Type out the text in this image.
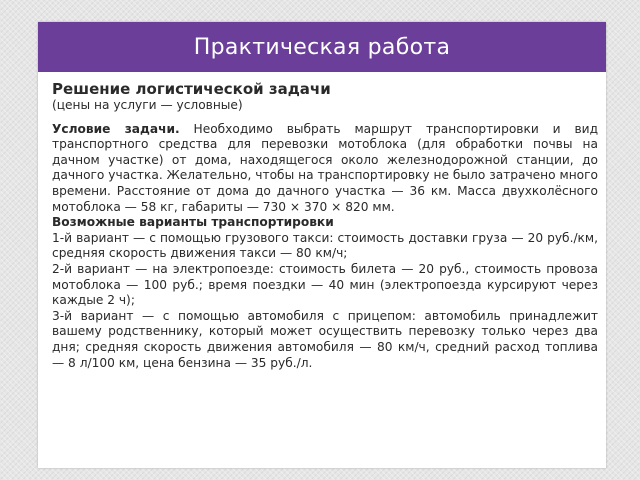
Практическая работа
Решение логистической задачи
(цены на услуги — условные)
Условие задачи. Необходимо выбрать маршрут транспортировки и вид транспортного средства для перевозки мотоблока (для обработки почвы на дачном участке) от дома, находящегося около железнодорожной станции, до дачного участка. Желательно, чтобы на транспортировку не было затрачено много времени. Расстояние от дома до дачного участка — 36 км. Масса двухколёсного мотоблока — 58 кг, габариты — 730 × 370 × 820 мм.
Возможные варианты транспортировки
1-й вариант — с помощью грузового такси: стоимость доставки груза — 20 руб./км, средняя скорость движения такси — 80 км/ч;
2-й вариант — на электропоезде: стоимость билета — 20 руб., стоимость провоза мотоблока — 100 руб.; время поездки — 40 мин (электропоезда курсируют через каждые 2 ч);
3-й вариант — с помощью автомобиля с прицепом: автомобиль принадлежит вашему родственнику, который может осуществить перевозку только через два дня; средняя скорость движения автомобиля — 80 км/ч, средний расход топлива — 8 л/100 км, цена бензина — 35 руб./л.
